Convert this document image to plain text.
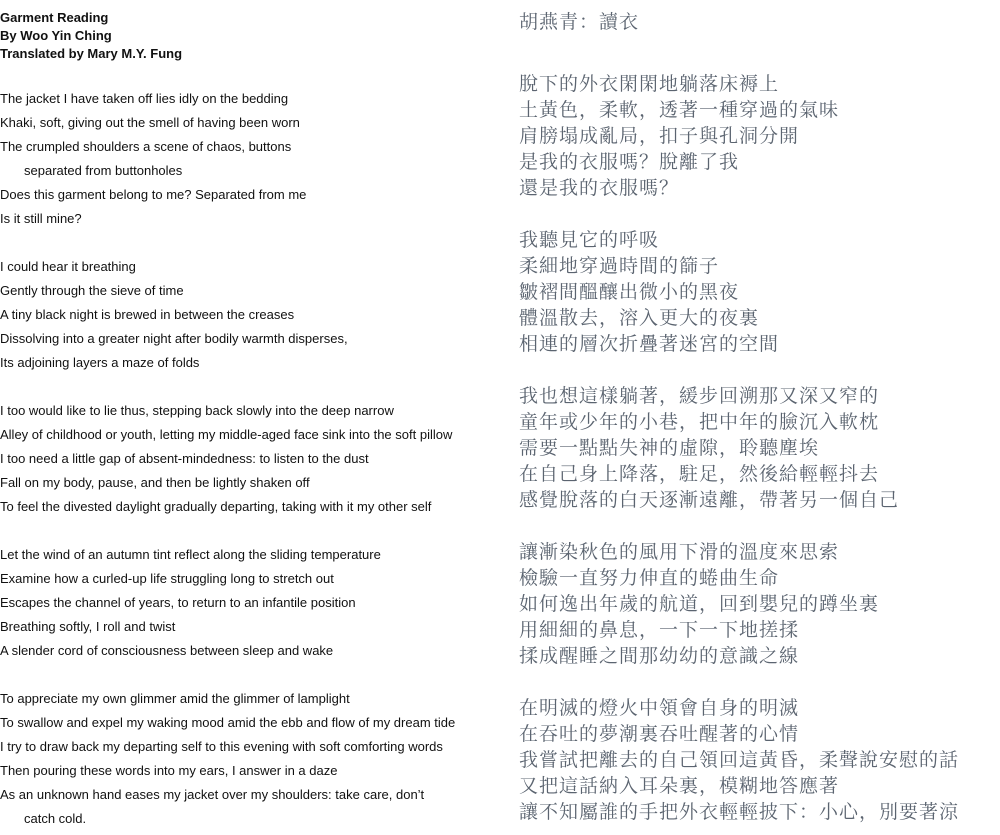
Garment Reading
By Woo Yin Ching
Translated by Mary M.Y. Fung
The jacket I have taken off lies idly on the bedding
Khaki, soft, giving out the smell of having been worn
The crumpled shoulders a scene of chaos, buttons
separated from buttonholes
Does this garment belong to me? Separated from me
Is it still mine?
I could hear it breathing
Gently through the sieve of time
A tiny black night is brewed in between the creases
Dissolving into a greater night after bodily warmth disperses,
Its adjoining layers a maze of folds
I too would like to lie thus, stepping back slowly into the deep narrow
Alley of childhood or youth, letting my middle-aged face sink into the soft pillow
I too need a little gap of absent-mindedness: to listen to the dust
Fall on my body, pause, and then be lightly shaken off
To feel the divested daylight gradually departing, taking with it my other self
Let the wind of an autumn tint reflect along the sliding temperature
Examine how a curled-up life struggling long to stretch out
Escapes the channel of years, to return to an infantile position
Breathing softly, I roll and twist
A slender cord of consciousness between sleep and wake
To appreciate my own glimmer amid the glimmer of lamplight
To swallow and expel my waking mood amid the ebb and flow of my dream tide
I try to draw back my departing self to this evening with soft comforting words
Then pouring these words into my ears, I answer in a daze
As an unknown hand eases my jacket over my shoulders: take care, don’t
catch cold.
胡燕青：讀衣
脫下的外衣閑閑地躺落床褥上
土黃色，柔軟，透著一種穿過的氣味
肩膀塌成亂局，扣子與孔洞分開
是我的衣服嗎？脫離了我
還是我的衣服嗎？
我聽見它的呼吸
柔細地穿過時間的篩子
皺褶間醞釀出微小的黑夜
體溫散去，溶入更大的夜裏
相連的層次折疊著迷宮的空間
我也想這樣躺著，緩步回溯那又深又窄的
童年或少年的小巷，把中年的臉沉入軟枕
需要一點點失神的虛隙，聆聽塵埃
在自己身上降落，駐足，然後給輕輕抖去
感覺脫落的白天逐漸遠離，帶著另一個自己
讓漸染秋色的風用下滑的溫度來思索
檢驗一直努力伸直的蜷曲生命
如何逸出年歲的航道，回到嬰兒的蹲坐裏
用細細的鼻息，一下一下地搓揉
揉成醒睡之間那幼幼的意識之線
在明滅的燈火中領會自身的明滅
在吞吐的夢潮裏吞吐醒著的心情
我嘗試把離去的自己領回這黃昏，柔聲說安慰的話
又把這話納入耳朵裏，模糊地答應著
讓不知屬誰的手把外衣輕輕披下：小心，別要著涼
